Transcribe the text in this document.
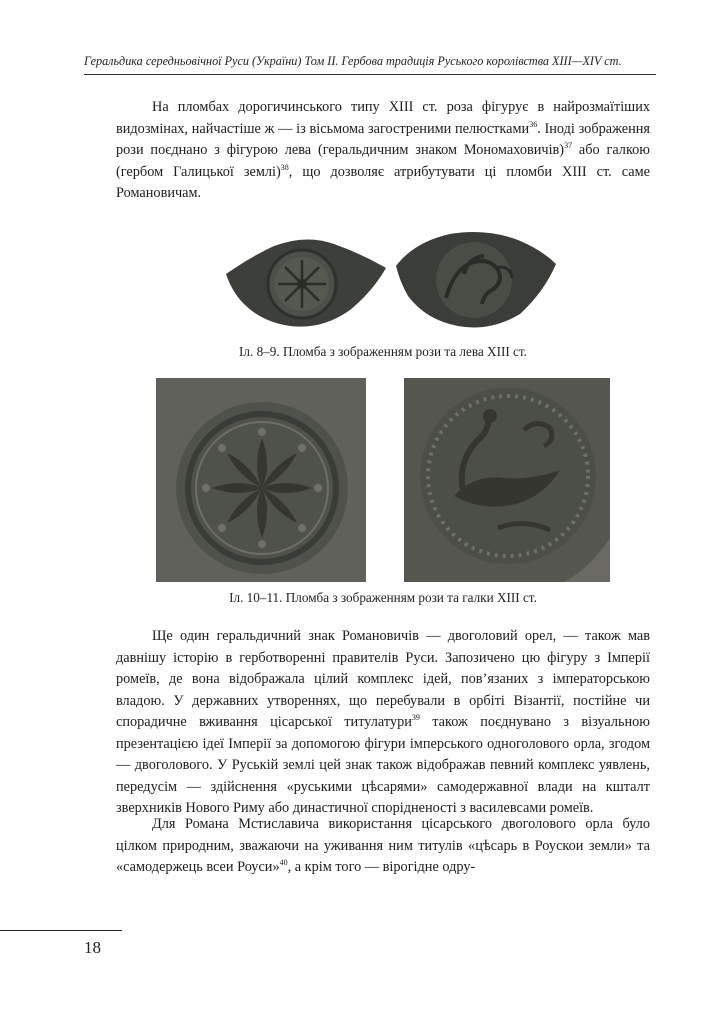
Геральдика середньовічної Руси (України) Том II. Гербова традиція Руського королівства XIII—XIV ст.

На пломбах дорогичинського типу XIII ст. роза фігурує в найрозмаїтіших видозмінах, найчастіше ж — із вісьмома загостреними пелюстками$^{36}$. Іноді зображення рози поєднано з фігурою лева (геральдичним знаком Мономаховичів)$^{37}$ або галкою (гербом Галицької землі)$^{38}$, що дозволяє атрибутувати ці пломби XIII ст. саме Романовичам.

Іл. 8–9. Пломба з зображенням рози та лева XIII ст.

Іл. 10–11. Пломба з зображенням рози та галки XIII ст.

Ще один геральдичний знак Романовичів — двоголовий орел, — також мав давнішу історію в герботворенні правителів Руси. Запозичено цю фігуру з Імперії ромеїв, де вона відображала цілий комплекс ідей, пов’язаних з імператорською владою. У державних утвореннях, що перебували в орбіті Візантії, постійне чи спорадичне вживання цісарської титулатури$^{39}$ також поєднувано з візуальною презентацією ідеї Імперії за допомогою фігури імперського одноголового орла, згодом — двоголового. У Руській землі цей знак також відображав певний комплекс уявлень, передусім — здійснення «руськими цѣсарями» самодержавної влади на кшталт зверхників Нового Риму або династичної спорідненості з василевсами ромеїв.

Для Романа Мстиславича використання цісарського двоголового орла було цілком природним, зважаючи на уживання ним титулів «цѣсарь в Роускои земли» та «самодержець всеи Роуси»$^{40}$, а крім того — вірогідне одру-

18
